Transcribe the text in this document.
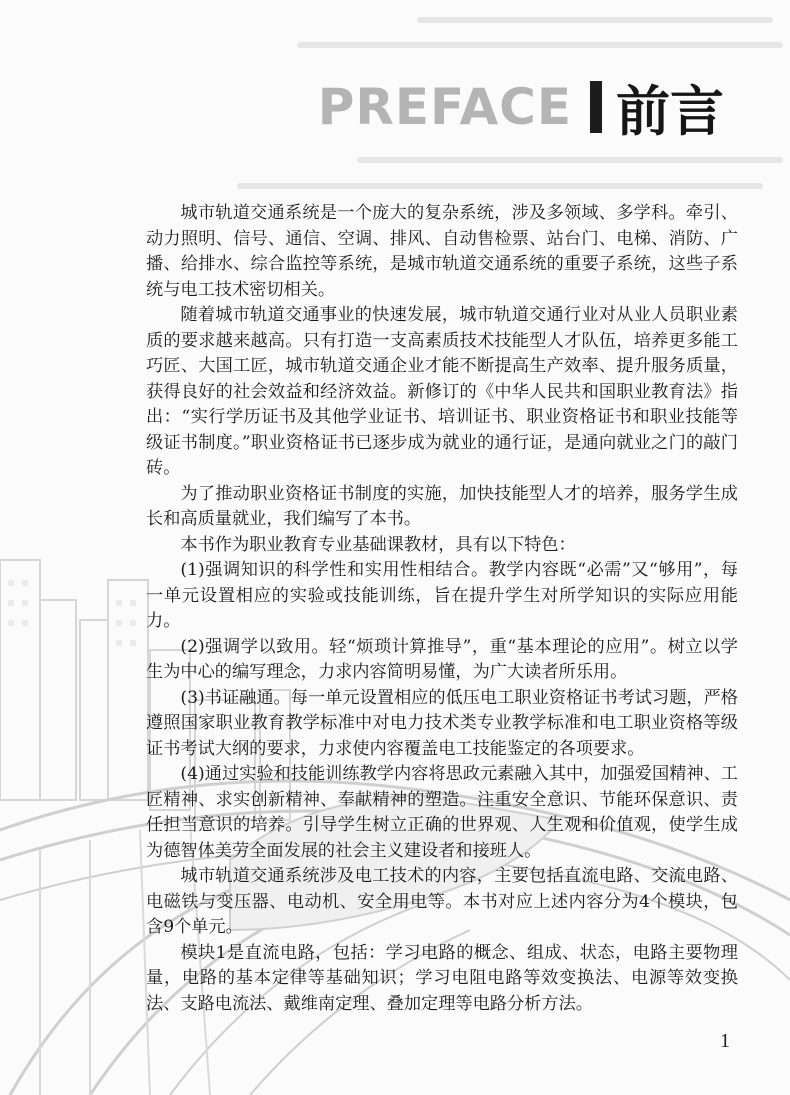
PREFACE 前言

城市轨道交通系统是一个庞大的复杂系统，涉及多领域、多学科。牵引、动力照明、信号、通信、空调、排风、自动售检票、站台门、电梯、消防、广播、给排水、综合监控等系统，是城市轨道交通系统的重要子系统，这些子系统与电工技术密切相关。

随着城市轨道交通事业的快速发展，城市轨道交通行业对从业人员职业素质的要求越来越高。只有打造一支高素质技术技能型人才队伍，培养更多能工巧匠、大国工匠，城市轨道交通企业才能不断提高生产效率、提升服务质量，获得良好的社会效益和经济效益。新修订的《中华人民共和国职业教育法》指出：“实行学历证书及其他学业证书、培训证书、职业资格证书和职业技能等级证书制度。”职业资格证书已逐步成为就业的通行证，是通向就业之门的敲门砖。

为了推动职业资格证书制度的实施，加快技能型人才的培养，服务学生成长和高质量就业，我们编写了本书。

本书作为职业教育专业基础课教材，具有以下特色：

(1)强调知识的科学性和实用性相结合。教学内容既“必需”又“够用”，每一单元设置相应的实验或技能训练，旨在提升学生对所学知识的实际应用能力。

(2)强调学以致用。轻“烦琐计算推导”，重“基本理论的应用”。树立以学生为中心的编写理念，力求内容简明易懂，为广大读者所乐用。

(3)书证融通。每一单元设置相应的低压电工职业资格证书考试习题，严格遵照国家职业教育教学标准中对电力技术类专业教学标准和电工职业资格等级证书考试大纲的要求，力求使内容覆盖电工技能鉴定的各项要求。

(4)通过实验和技能训练教学内容将思政元素融入其中，加强爱国精神、工匠精神、求实创新精神、奉献精神的塑造。注重安全意识、节能环保意识、责任担当意识的培养。引导学生树立正确的世界观、人生观和价值观，使学生成为德智体美劳全面发展的社会主义建设者和接班人。

城市轨道交通系统涉及电工技术的内容，主要包括直流电路、交流电路、电磁铁与变压器、电动机、安全用电等。本书对应上述内容分为4个模块，包含9个单元。

模块1是直流电路，包括：学习电路的概念、组成、状态，电路主要物理量，电路的基本定律等基础知识；学习电阻电路等效变换法、电源等效变换法、支路电流法、戴维南定理、叠加定理等电路分析方法。

1
